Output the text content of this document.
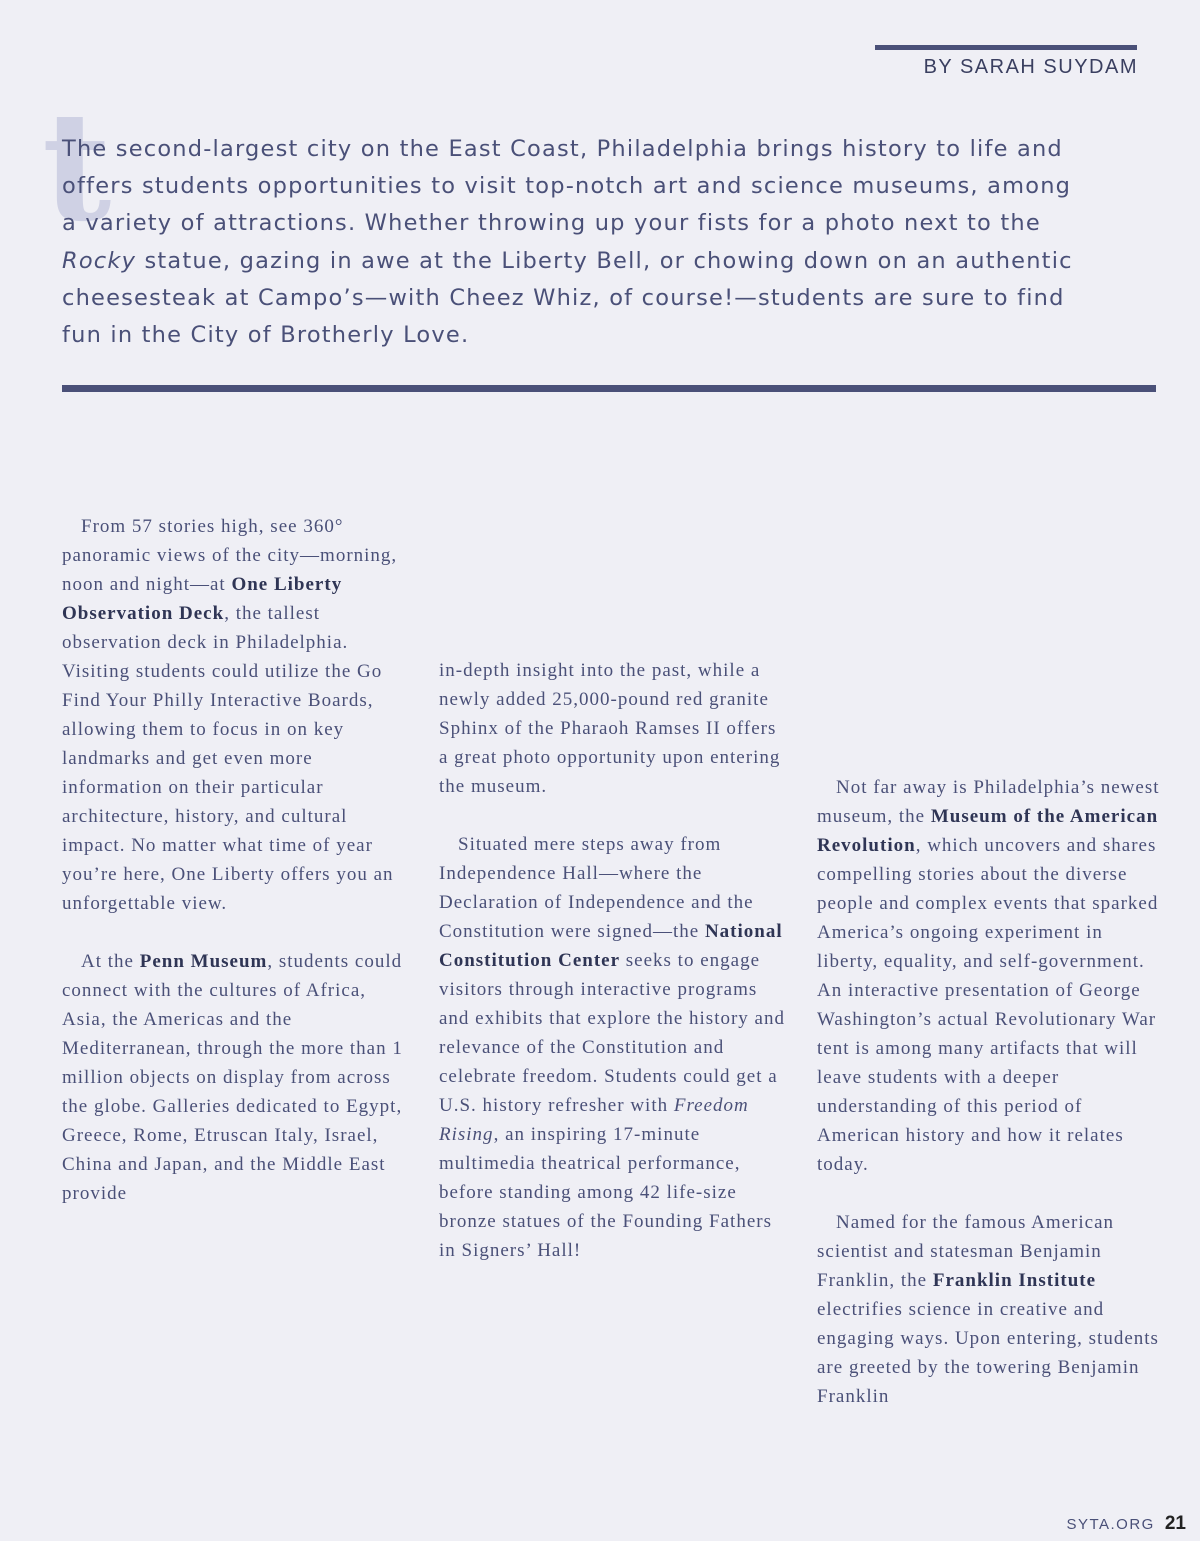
BY SARAH SUYDAM
t

The second-largest city on the East Coast, Philadelphia brings history to life and offers students opportunities to visit top-notch art and science museums, among a variety of attractions. Whether throwing up your fists for a photo next to the Rocky statue, gazing in awe at the Liberty Bell, or chowing down on an authentic cheesesteak at Campo’s—with Cheez Whiz, of course!—students are sure to find fun in the City of Brotherly Love.

From 57 stories high, see 360° panoramic views of the city—morning, noon and night—at One Liberty Observation Deck, the tallest observation deck in Philadelphia. Visiting students could utilize the Go Find Your Philly Interactive Boards, allowing them to focus in on key landmarks and get even more information on their particular architecture, history, and cultural impact. No matter what time of year you’re here, One Liberty offers you an unforgettable view.

At the Penn Museum, students could connect with the cultures of Africa, Asia, the Americas and the Mediterranean, through the more than 1 million objects on display from across the globe. Galleries dedicated to Egypt, Greece, Rome, Etruscan Italy, Israel, China and Japan, and the Middle East provide

in-depth insight into the past, while a newly added 25,000-pound red granite Sphinx of the Pharaoh Ramses II offers a great photo opportunity upon entering the museum.

Situated mere steps away from Independence Hall—where the Declaration of Independence and the Constitution were signed—the National Constitution Center seeks to engage visitors through interactive programs and exhibits that explore the history and relevance of the Constitution and celebrate freedom. Students could get a U.S. history refresher with Freedom Rising, an inspiring 17-minute multimedia theatrical performance, before standing among 42 life-size bronze statues of the Founding Fathers in Signers’ Hall!

Not far away is Philadelphia’s newest museum, the Museum of the American Revolution, which uncovers and shares compelling stories about the diverse people and complex events that sparked America’s ongoing experiment in liberty, equality, and self-government. An interactive presentation of George Washington’s actual Revolutionary War tent is among many artifacts that will leave students with a deeper understanding of this period of American history and how it relates today.

Named for the famous American scientist and statesman Benjamin Franklin, the Franklin Institute electrifies science in creative and engaging ways. Upon entering, students are greeted by the towering Benjamin Franklin

SYTA.ORG 21
